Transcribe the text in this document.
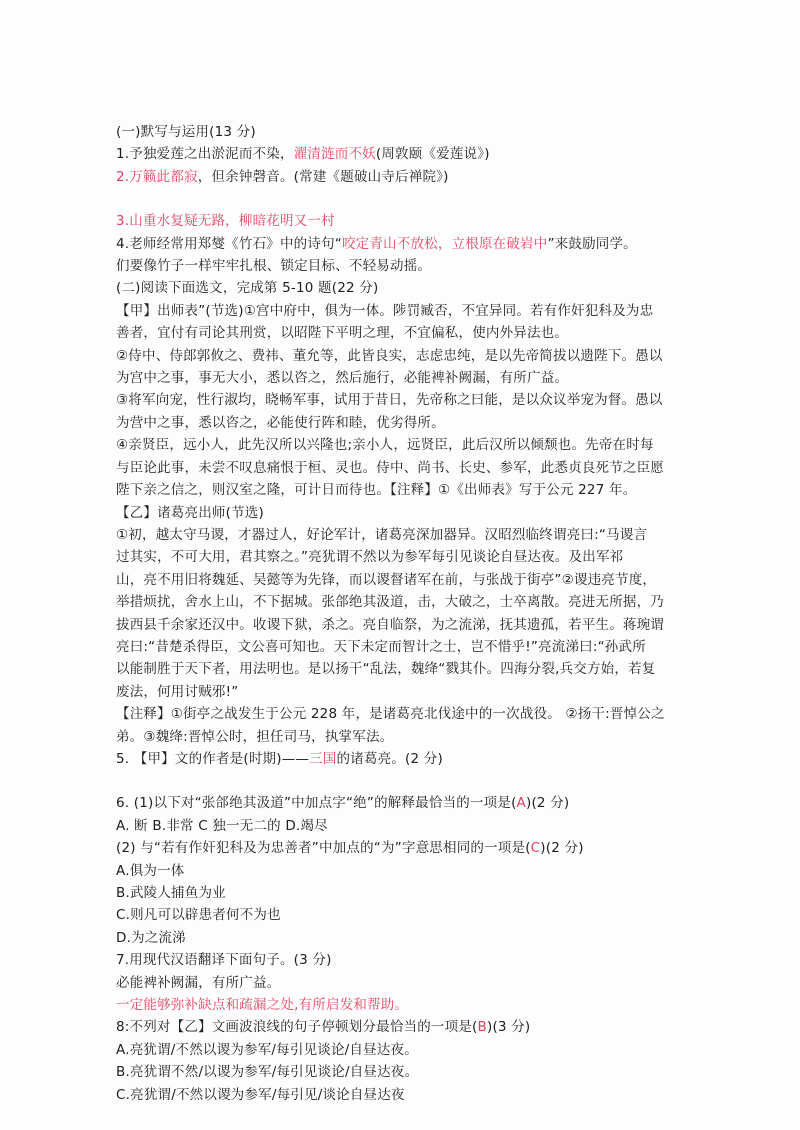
(一)默写与运用(13 分)
1.予独爱莲之出淤泥而不染，濯清涟而不妖(周敦颐《爱莲说》)
2.万籁此都寂，但余钟磬音。(常建《题破山寺后禅院》)
3.山重水复疑无路，柳暗花明又一村
4.老师经常用郑燮《竹石》中的诗句“咬定青山不放松，立根原在破岩中”来鼓励同学。
们要像竹子一样牢牢扎根、锁定目标、不轻易动摇。
(二)阅读下面选文，完成第 5-10 题(22 分)
【甲】出师表”(节选)①宫中府中，俱为一体。陟罚臧否，不宜异同。若有作奸犯科及为忠
善者，宜付有司论其刑赏，以昭陛下平明之理，不宜偏私，使内外异法也。
②侍中、侍郎郭攸之、费祎、董允等，此皆良实，志虑忠纯，是以先帝简拔以遗陛下。愚以
为宫中之事，事无大小，悉以咨之，然后施行，必能裨补阙漏，有所广益。
③将军向宠，性行淑均，晓畅军事，试用于昔日，先帝称之曰能，是以众议举宠为督。愚以
为营中之事，悉以咨之，必能使行阵和睦，优劣得所。
④亲贤臣，远小人，此先汉所以兴隆也;亲小人，远贤臣，此后汉所以倾颓也。先帝在时每
与臣论此事，未尝不叹息痛恨于桓、灵也。侍中、尚书、长史、参军，此悉贞良死节之臣愿
陛下亲之信之，则汉室之隆，可计日而待也。【注释】①《出师表》写于公元 227 年。
【乙】诸葛亮出师(节选)
①初，越太守马谡，才器过人，好论军计，诸葛亮深加器异。汉昭烈临终谓亮曰:“马谡言
过其实，不可大用，君其察之。”亮犹谓不然以为参军每引见谈论自昼达夜。及出军祁
山，亮不用旧将魏延、吴懿等为先锋，而以谡督诸军在前，与张战于街亭”②谡违亮节度，
举措烦扰，舍水上山，不下据城。张郃绝其汲道，击，大破之，士卒离散。亮进无所据，乃
拔西县千余家还汉中。收谡下狱，杀之。亮自临祭，为之流涕，抚其遗孤，若平生。蒋琬谓
亮曰:“昔楚杀得臣，文公喜可知也。天下未定而智计之士，岂不惜乎!”亮流涕曰:“孙武所
以能制胜于天下者，用法明也。是以扬干“乱法，魏绛“戮其仆。四海分裂,兵交方始，若复
废法，何用讨贼邪!”
【注释】①街亭之战发生于公元 228 年，是诸葛亮北伐途中的一次战役。 ②扬干:晋悼公之
弟。③魏绛:晋悼公时，担任司马，执掌军法。
5. 【甲】文的作者是(时期)——三国的诸葛亮。(2 分)
6. (1)以下对“张郃绝其汲道”中加点字“绝”的解释最恰当的一项是(A)(2 分)
A. 断 B.非常 C 独一无二的 D.竭尽
(2) 与“若有作奸犯科及为忠善者”中加点的“为”字意思相同的一项是(C)(2 分)
A.俱为一体
B.武陵人捕鱼为业
C.则凡可以辟患者何不为也
D.为之流涕
7.用现代汉语翻译下面句子。(3 分)
必能裨补阙漏，有所广益。
一定能够弥补缺点和疏漏之处,有所启发和帮助。
8:不列对【乙】文画波浪线的句子停顿划分最恰当的一项是(B)(3 分)
A.亮犹谓/不然以谡为参军/每引见谈论/自昼达夜。
B.亮犹谓不然/以谡为参军/每引见谈论/自昼达夜。
C.亮犹谓/不然以谡为参军/每引见/谈论自昼达夜
